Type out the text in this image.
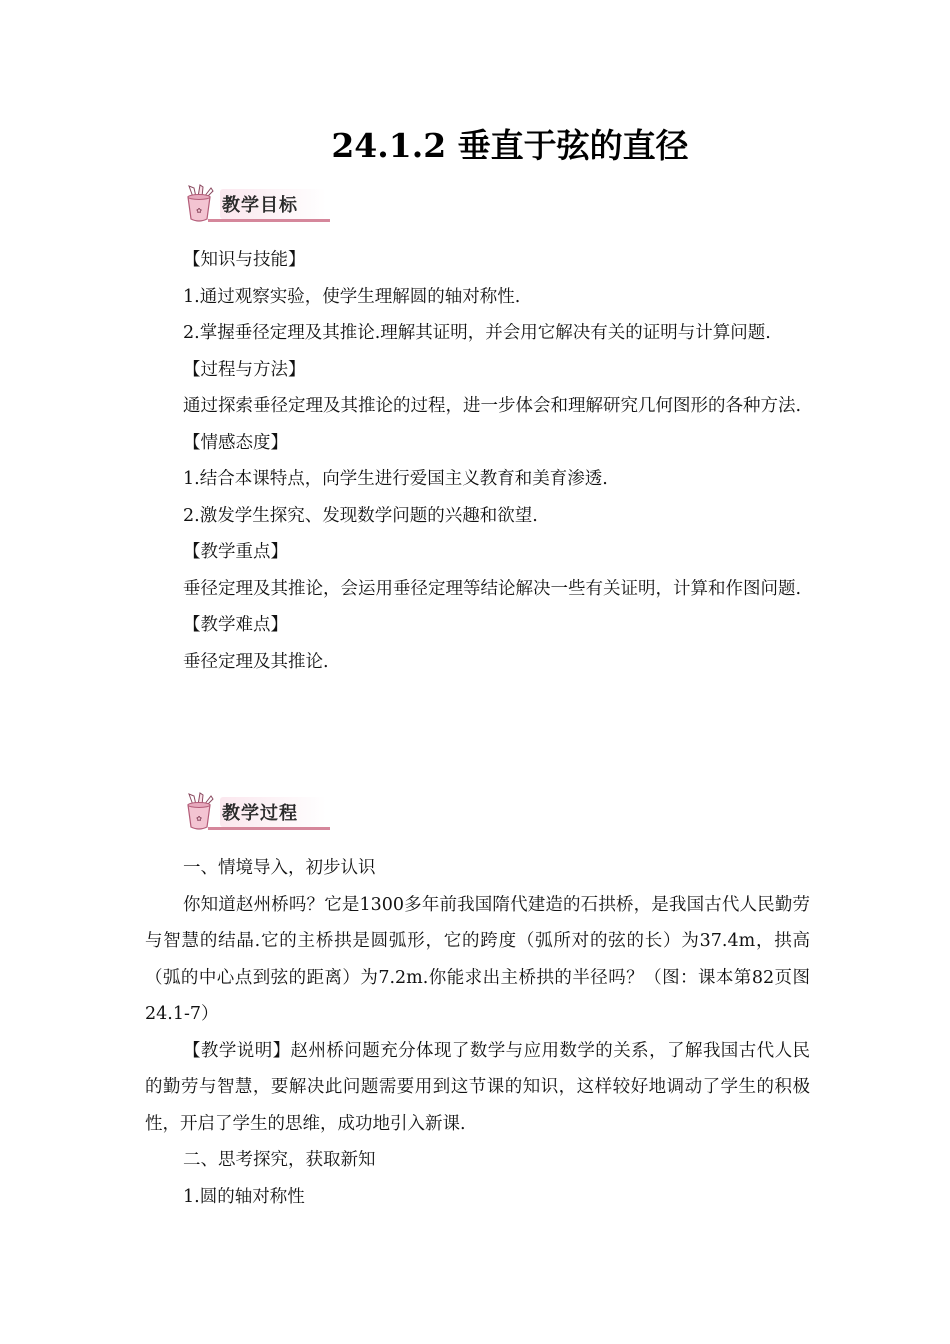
24.1.2 垂直于弦的直径
✿ 教学目标

【知识与技能】

1.通过观察实验，使学生理解圆的轴对称性.

2.掌握垂径定理及其推论.理解其证明，并会用它解决有关的证明与计算问题.

【过程与方法】

通过探索垂径定理及其推论的过程，进一步体会和理解研究几何图形的各种方法.

【情感态度】

1.结合本课特点，向学生进行爱国主义教育和美育渗透.

2.激发学生探究、发现数学问题的兴趣和欲望.

【教学重点】

垂径定理及其推论，会运用垂径定理等结论解决一些有关证明，计算和作图问题.

【教学难点】

垂径定理及其推论.

✿ 教学过程

一、情境导入，初步认识

你知道赵州桥吗？它是1300多年前我国隋代建造的石拱桥，是我国古代人民勤劳与智慧的结晶.它的主桥拱是圆弧形，它的跨度（弧所对的弦的长）为37.4m，拱高（弧的中心点到弦的距离）为7.2m.你能求出主桥拱的半径吗？（图：课本第82页图24.1-7）

【教学说明】赵州桥问题充分体现了数学与应用数学的关系，了解我国古代人民的勤劳与智慧，要解决此问题需要用到这节课的知识，这样较好地调动了学生的积极性，开启了学生的思维，成功地引入新课.

二、思考探究，获取新知

1.圆的轴对称性
